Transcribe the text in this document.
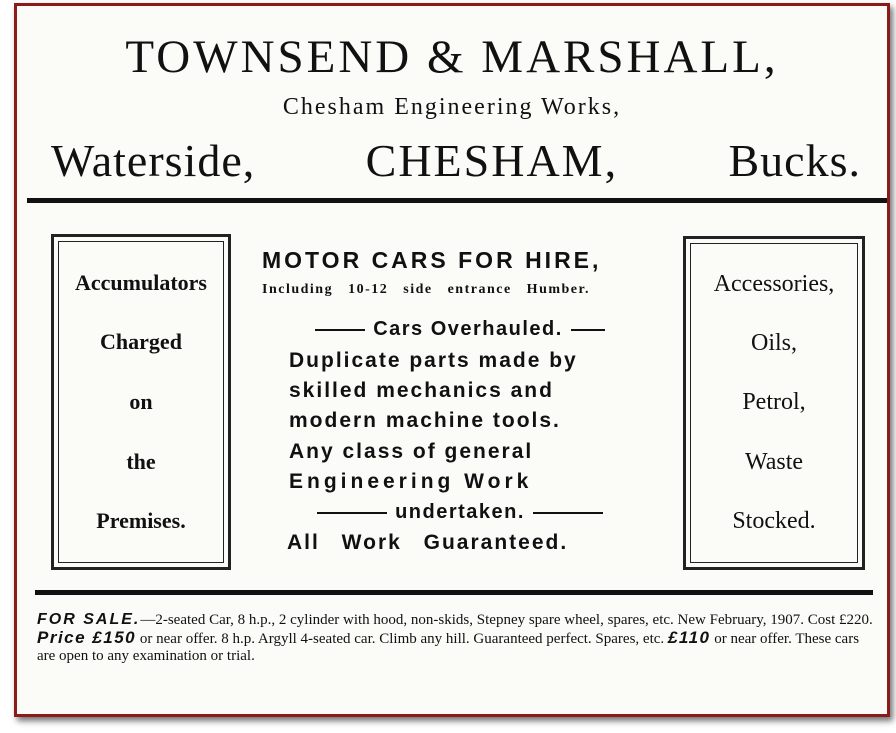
TOWNSEND & MARSHALL,
Chesham Engineering Works,
Waterside, CHESHAM, Bucks.
Accumulators
Charged
on
the
Premises.
Accessories,
Oils,
Petrol,
Waste
Stocked.
MOTOR CARS FOR HIRE,
Including 10-12 side entrance Humber.
Cars Overhauled.
Duplicate parts made by
skilled mechanics and
modern machine tools.
Any class of general
Engineering Work
undertaken.
All Work Guaranteed.
FOR SALE.—2-seated Car, 8 h.p., 2 cylinder with hood, non-skids, Stepney spare wheel, spares, etc. New February, 1907. Cost £220. Price £150 or near offer. 8 h.p. Argyll 4-seated car. Climb any hill. Guaranteed perfect. Spares, etc. £110 or near offer. These cars are open to any examination or trial.
